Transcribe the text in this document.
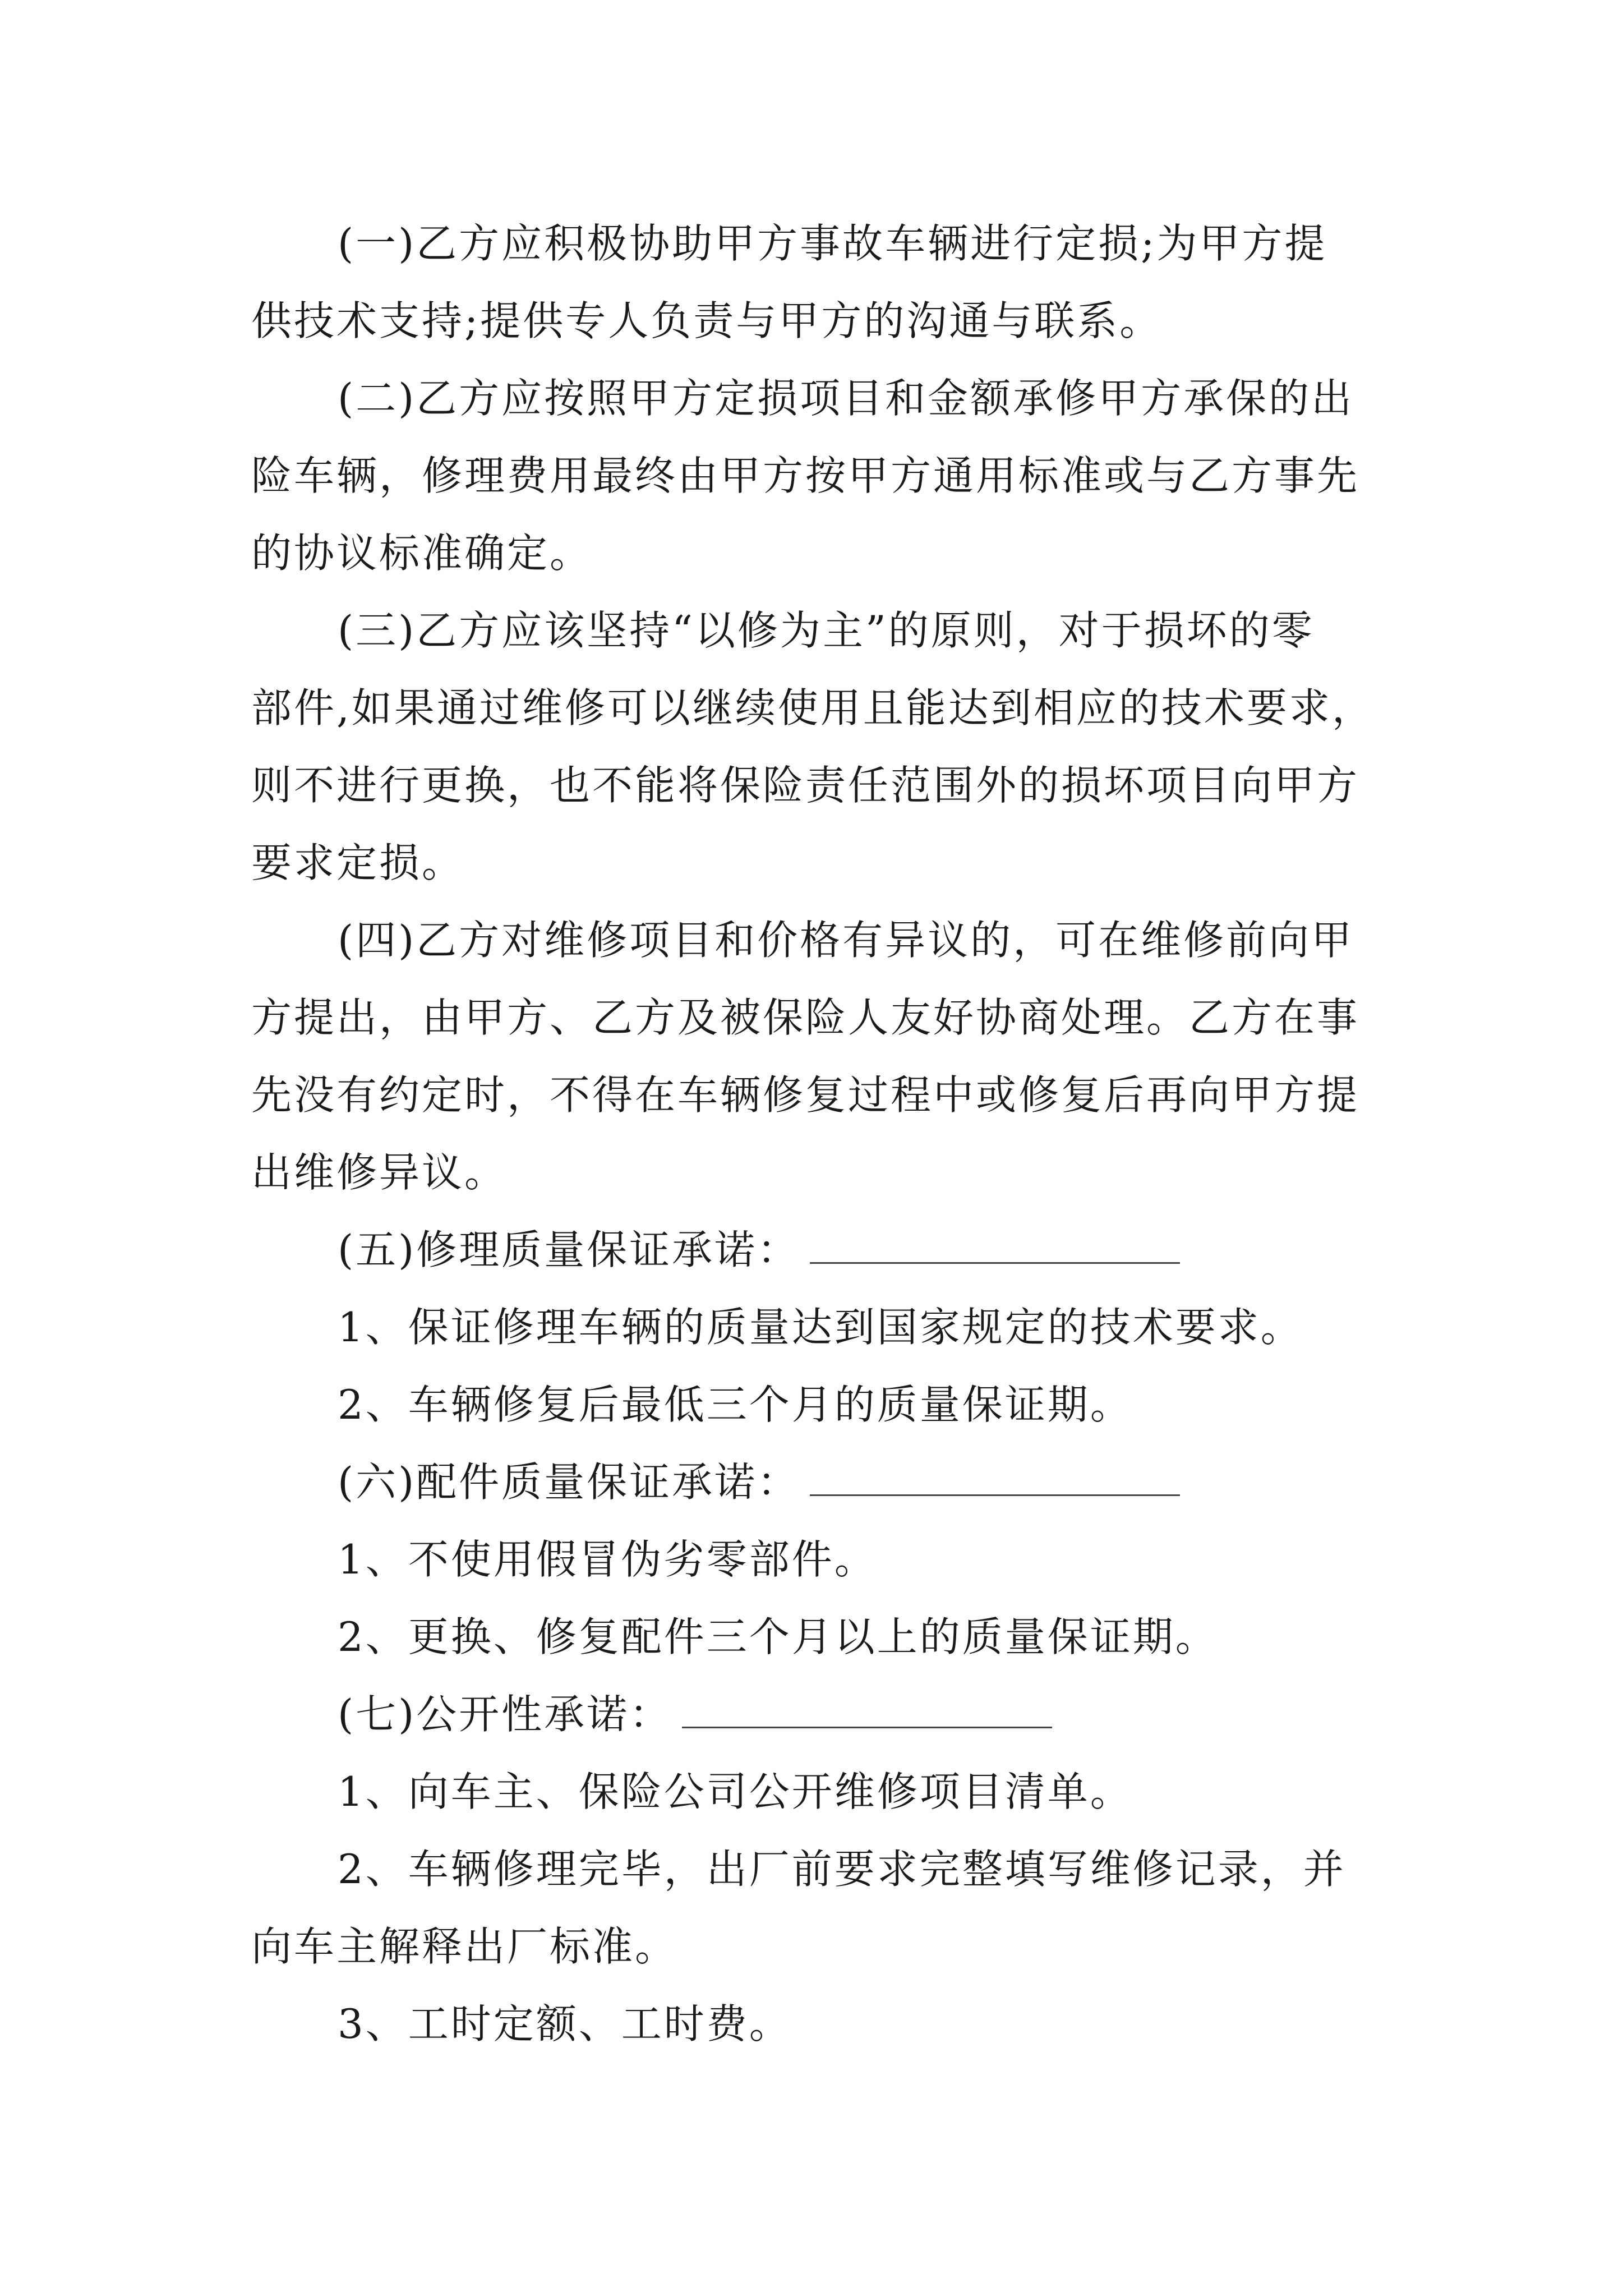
(一)乙方应积极协助甲方事故车辆进行定损;为甲方提
供技术支持;提供专人负责与甲方的沟通与联系。

(二)乙方应按照甲方定损项目和金额承修甲方承保的出
险车辆，修理费用最终由甲方按甲方通用标准或与乙方事先
的协议标准确定。

(三)乙方应该坚持“以修为主”的原则，对于损坏的零
部件,如果通过维修可以继续使用且能达到相应的技术要求，
则不进行更换，也不能将保险责任范围外的损坏项目向甲方
要求定损。

(四)乙方对维修项目和价格有异议的，可在维修前向甲
方提出，由甲方、乙方及被保险人友好协商处理。乙方在事
先没有约定时，不得在车辆修复过程中或修复后再向甲方提
出维修异议。

(五)修理质量保证承诺：

1、保证修理车辆的质量达到国家规定的技术要求。

2、车辆修复后最低三个月的质量保证期。

(六)配件质量保证承诺：

1、不使用假冒伪劣零部件。

2、更换、修复配件三个月以上的质量保证期。

(七)公开性承诺：

1、向车主、保险公司公开维修项目清单。

2、车辆修理完毕，出厂前要求完整填写维修记录，并
向车主解释出厂标准。

3、工时定额、工时费。
